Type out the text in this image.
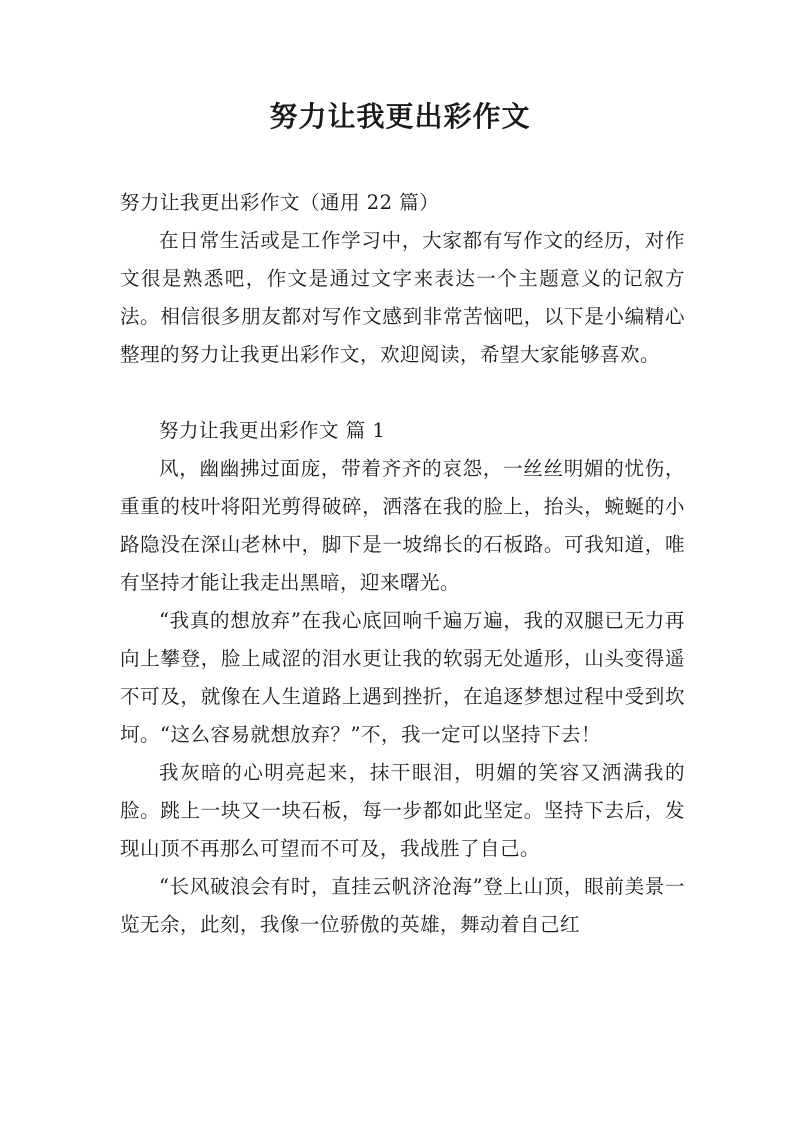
努力让我更出彩作文

努力让我更出彩作文（通用 22 篇）

在日常生活或是工作学习中，大家都有写作文的经历，对作文很是熟悉吧，作文是通过文字来表达一个主题意义的记叙方法。相信很多朋友都对写作文感到非常苦恼吧，以下是小编精心整理的努力让我更出彩作文，欢迎阅读，希望大家能够喜欢。

努力让我更出彩作文 篇 1

风，幽幽拂过面庞，带着齐齐的哀怨，一丝丝明媚的忧伤，重重的枝叶将阳光剪得破碎，洒落在我的脸上，抬头，蜿蜒的小路隐没在深山老林中，脚下是一坡绵长的石板路。可我知道，唯有坚持才能让我走出黑暗，迎来曙光。

“我真的想放弃”在我心底回响千遍万遍，我的双腿已无力再向上攀登，脸上咸涩的泪水更让我的软弱无处遁形，山头变得遥不可及，就像在人生道路上遇到挫折，在追逐梦想过程中受到坎坷。“这么容易就想放弃？”不，我一定可以坚持下去！

我灰暗的心明亮起来，抹干眼泪，明媚的笑容又洒满我的脸。跳上一块又一块石板，每一步都如此坚定。坚持下去后，发现山顶不再那么可望而不可及，我战胜了自己。

“长风破浪会有时，直挂云帆济沧海”登上山顶，眼前美景一览无余，此刻，我像一位骄傲的英雄，舞动着自己红
